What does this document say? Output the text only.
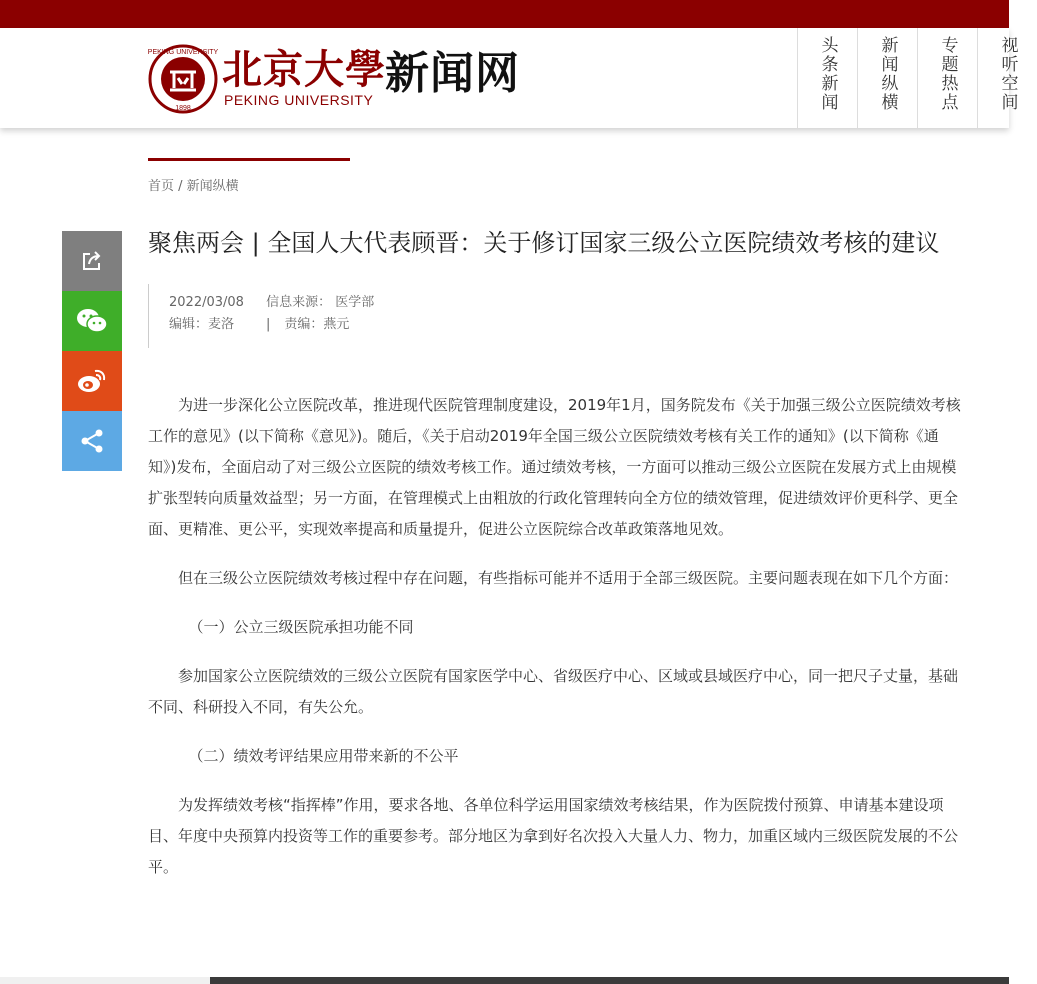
PEKING UNIVERSITY
1898
北京大學
PEKING UNIVERSITY
新闻网	头条新闻 新闻纵横 专题热点 视听空间
首页 / 新闻纵横
聚焦两会 | 全国人大代表顾晋：关于修订国家三级公立医院绩效考核的建议
2022/03/08 信息来源： 医学部
编辑：麦洛 | 责编：燕元

为进一步深化公立医院改革，推进现代医院管理制度建设，2019年1月，国务院发布《关于加强三级公立医院绩效考核工作的意见》(以下简称《意见》)。随后，《关于启动2019年全国三级公立医院绩效考核有关工作的通知》(以下简称《通知》)发布，全面启动了对三级公立医院的绩效考核工作。通过绩效考核，一方面可以推动三级公立医院在发展方式上由规模扩张型转向质量效益型；另一方面，在管理模式上由粗放的行政化管理转向全方位的绩效管理，促进绩效评价更科学、更全面、更精准、更公平，实现效率提高和质量提升，促进公立医院综合改革政策落地见效。

但在三级公立医院绩效考核过程中存在问题，有些指标可能并不适用于全部三级医院。主要问题表现在如下几个方面：

（一）公立三级医院承担功能不同

参加国家公立医院绩效的三级公立医院有国家医学中心、省级医疗中心、区域或县域医疗中心，同一把尺子丈量，基础不同、科研投入不同，有失公允。

（二）绩效考评结果应用带来新的不公平

为发挥绩效考核“指挥棒”作用，要求各地、各单位科学运用国家绩效考核结果，作为医院拨付预算、申请基本建设项目、年度中央预算内投资等工作的重要参考。部分地区为拿到好名次投入大量人力、物力，加重区域内三级医院发展的不公平。
